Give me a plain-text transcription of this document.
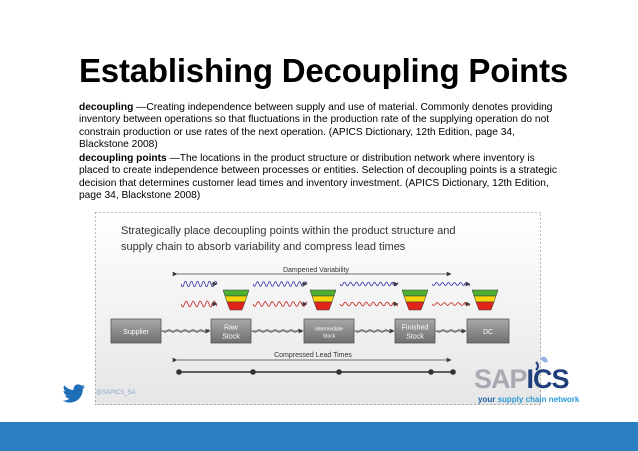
Establishing Decoupling Points
decoupling —Creating independence between supply and use of material. Commonly denotes providing inventory between operations so that fluctuations in the production rate of the supplying operation do not constrain production or use rates of the next operation. (APICS Dictionary, 12th Edition, page 34, Blackstone 2008)
decoupling points —The locations in the product structure or distribution network where inventory is placed to create independence between processes or entities. Selection of decoupling points is a strategic decision that determines customer lead times and inventory investment. (APICS Dictionary, 12th Edition, page 34, Blackstone 2008)
Strategically place decoupling points within the product structure and
supply chain to absorb variability and compress lead times
Dampened Variability
Supplier
Raw
Stock
Intermediate
Stock
Finished
Stock
DC
Compressed Lead Times
SAPICS
your supply chain network
@SAPICS_SA
